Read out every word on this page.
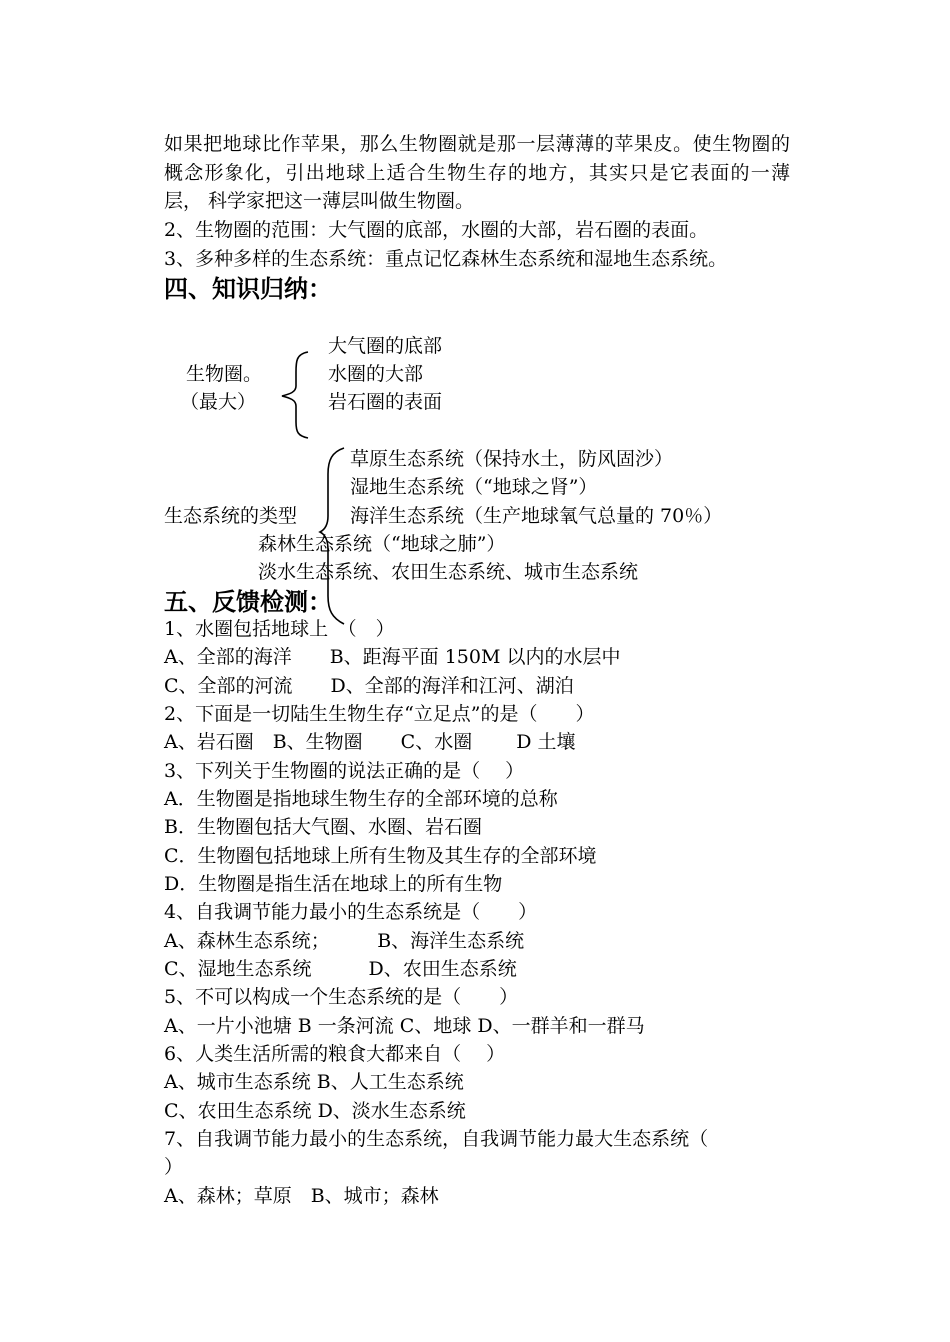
如果把地球比作苹果，那么生物圈就是那一层薄薄的苹果皮。使生物圈的 概念形象化，引出地球上适合生物生存的地方，其实只是它表面的一薄层， 科学家把这一薄层叫做生物圈。
2、生物圈的范围：大气圈的底部，水圈的大部，岩石圈的表面。
3、多种多样的生态系统：重点记忆森林生态系统和湿地生态系统。
四、知识归纳：
生物圈。
（最大）
大气圈的底部
水圈的大部
岩石圈的表面
生态系统的类型
草原生态系统（保持水土，防风固沙）
湿地生态系统（“地球之肾”）
海洋生态系统（生产地球氧气总量的 70％）
森林生态系统（“地球之肺”）
淡水生态系统、农田生态系统、城市生态系统
五、反馈检测：
1、水圈包括地球上　（　）
A、全部的海洋　　B、距海平面 150M 以内的水层中
C、全部的河流　　D、全部的海洋和江河、湖泊
2、下面是一切陆生生物生存“立足点”的是（　　）
A、岩石圈　B、生物圈　　C、水圈　　 D 土壤
3、下列关于生物圈的说法正确的是（　 ）
A．生物圈是指地球生物生存的全部环境的总称
B．生物圈包括大气圈、水圈、岩石圈
C．生物圈包括地球上所有生物及其生存的全部环境
D．生物圈是指生活在地球上的所有生物
4、自我调节能力最小的生态系统是（　　）
A、森林生态系统；　　　B、海洋生态系统
C、湿地生态系统　　　D、农田生态系统
5、不可以构成一个生态系统的是（　　）
A、一片小池塘 B 一条河流 C、地球 D、一群羊和一群马
6、人类生活所需的粮食大都来自（　 ）
A、城市生态系统 B、人工生态系统
C、农田生态系统 D、淡水生态系统
7、自我调节能力最小的生态系统，自我调节能力最大生态系统（
）
A、森林；草原　B、城市；森林
